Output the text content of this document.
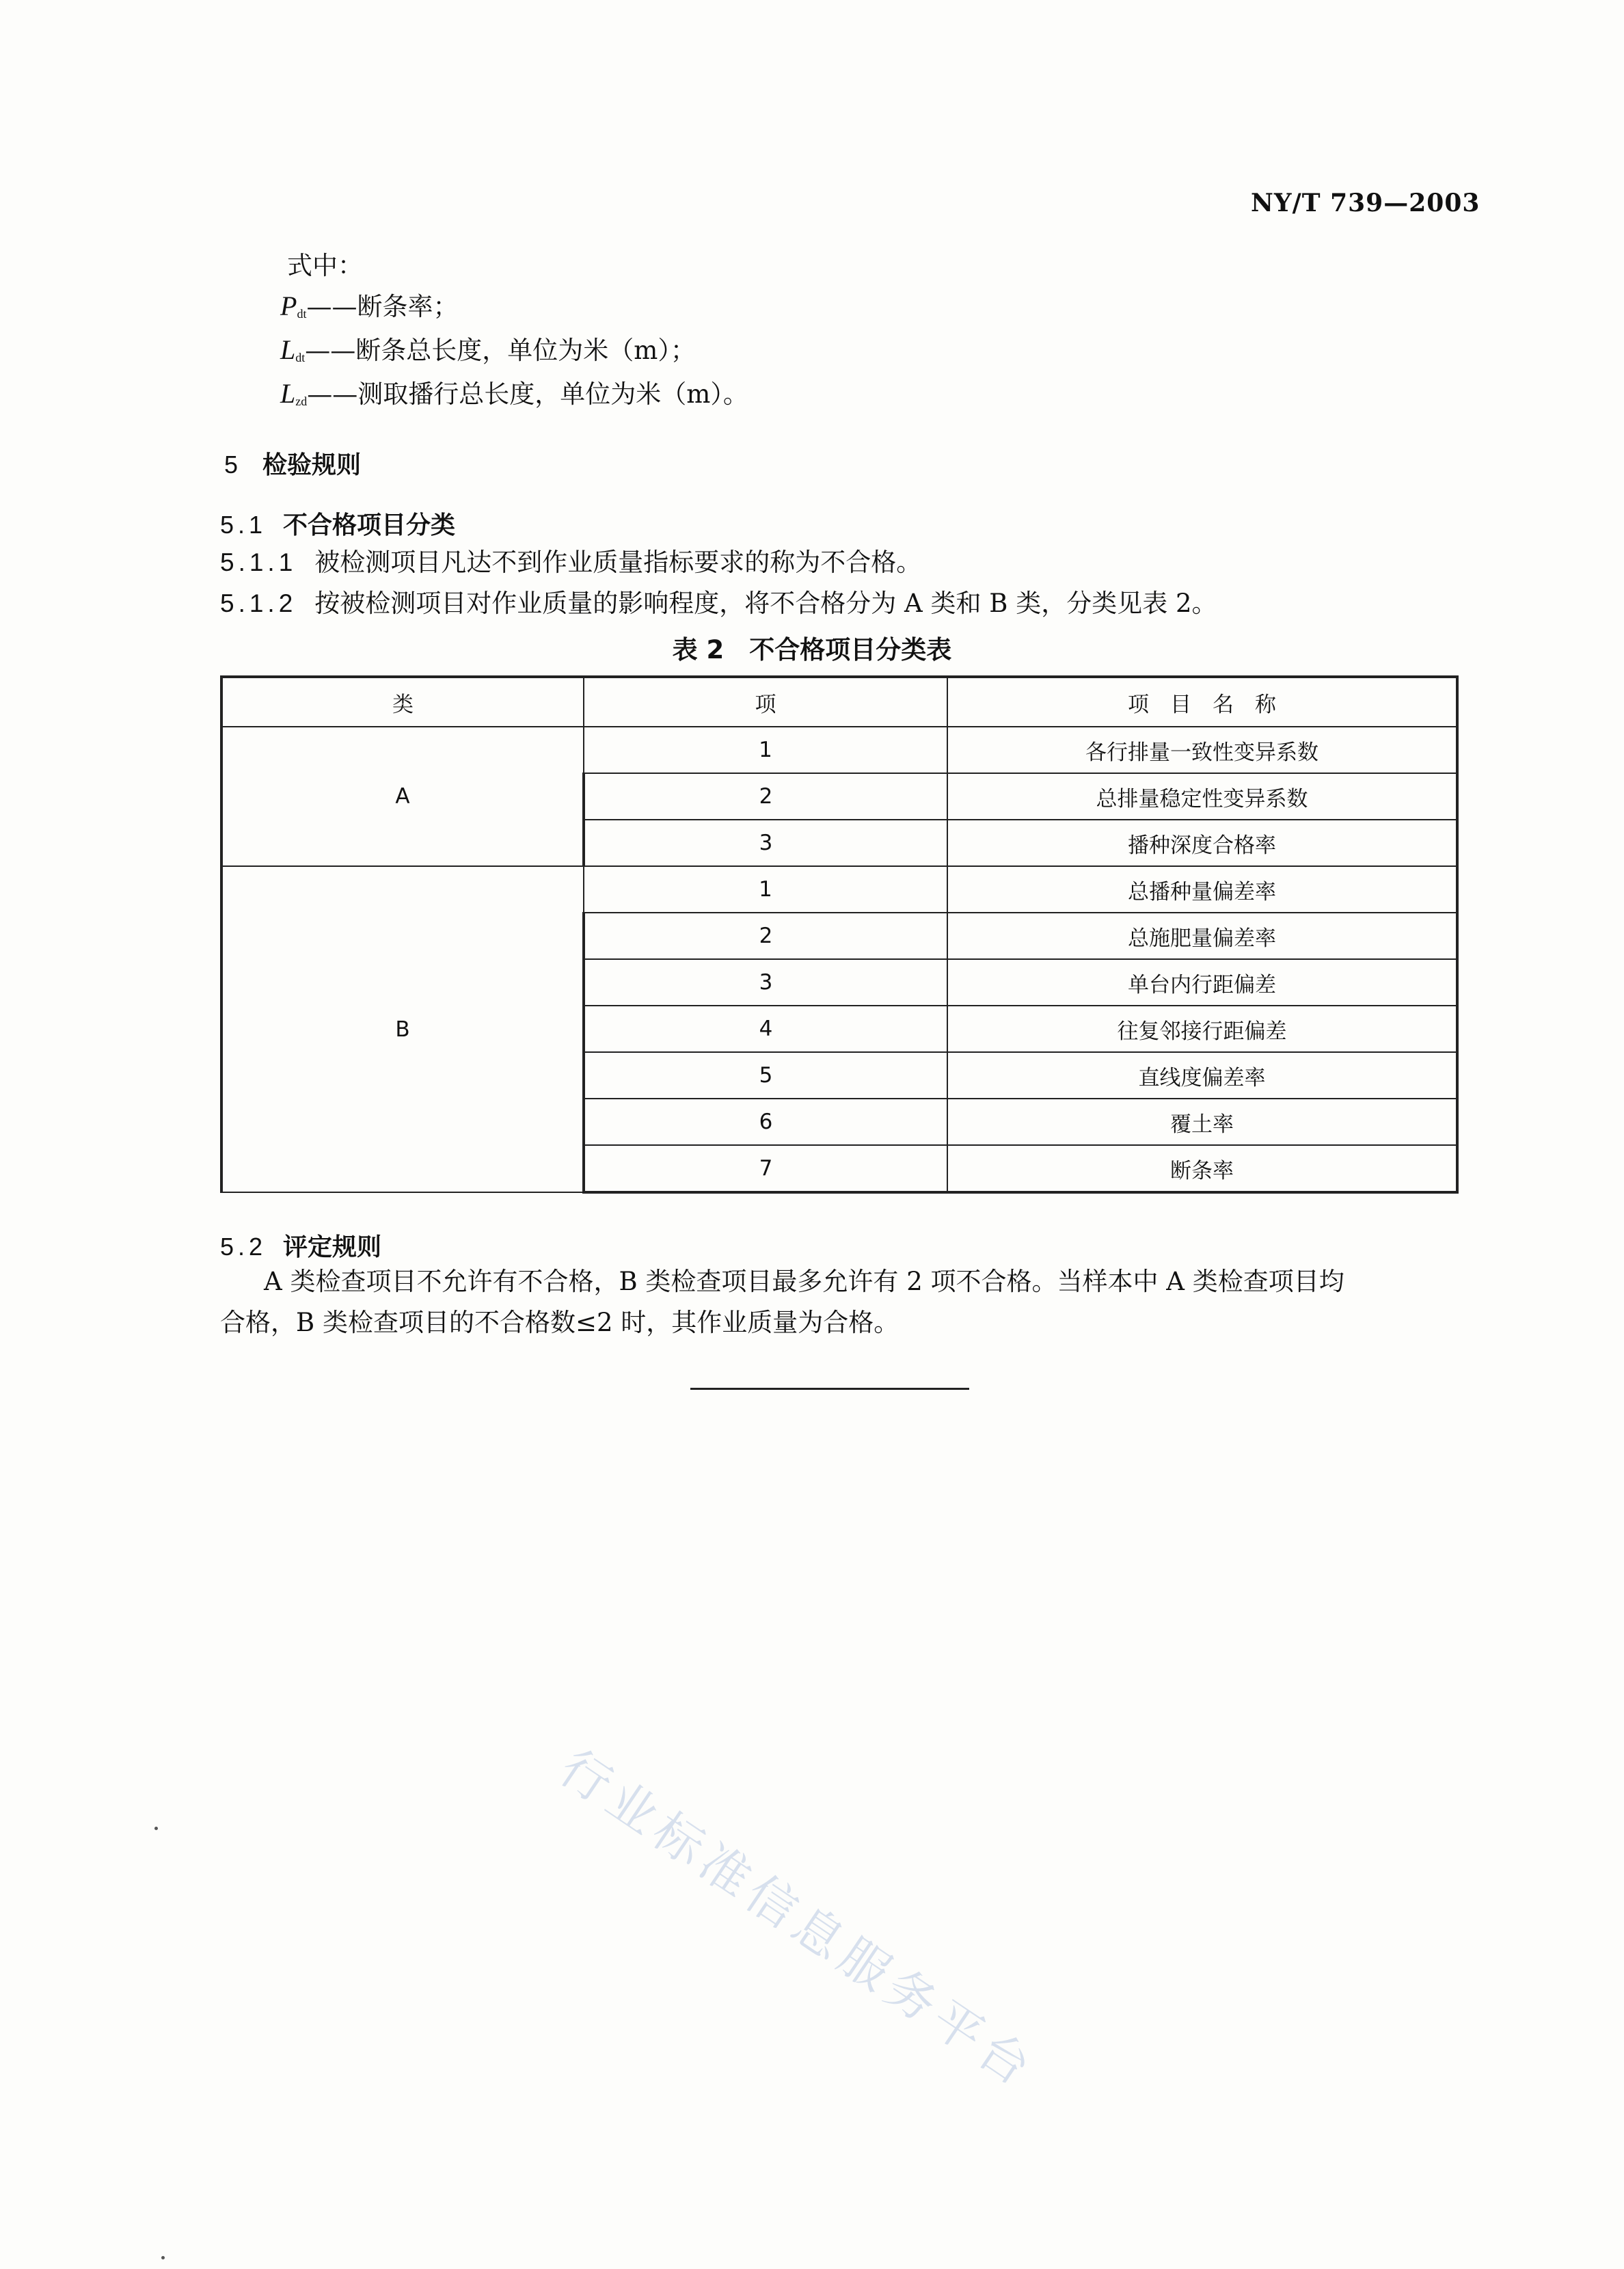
NY/T 739—2003
式中：
$P_{dt}——$断条率；
$L_{dt}——$断条总长度，单位为米（m）；
$L_{zd}——$测取播行总长度，单位为米（m）。
5 检验规则
5.1 不合格项目分类
5.1.1 被检测项目凡达不到作业质量指标要求的称为不合格。
5.1.2 按被检测项目对作业质量的影响程度，将不合格分为 A 类和 B 类，分类见表 2。
表 2　不合格项目分类表
类	项	项　目　名　称
A	1	各行排量一致性变异系数
	2	总排量稳定性变异系数
	3	播种深度合格率
B	1	总播种量偏差率
	2	总施肥量偏差率
	3	单台内行距偏差
	4	往复邻接行距偏差
	5	直线度偏差率
	6	覆土率
	7	断条率
5.2 评定规则
A 类检查项目不允许有不合格，B 类检查项目最多允许有 2 项不合格。当样本中 A 类检查项目均
合格，B 类检查项目的不合格数≤2 时，其作业质量为合格。
行业标准信息服务平台
